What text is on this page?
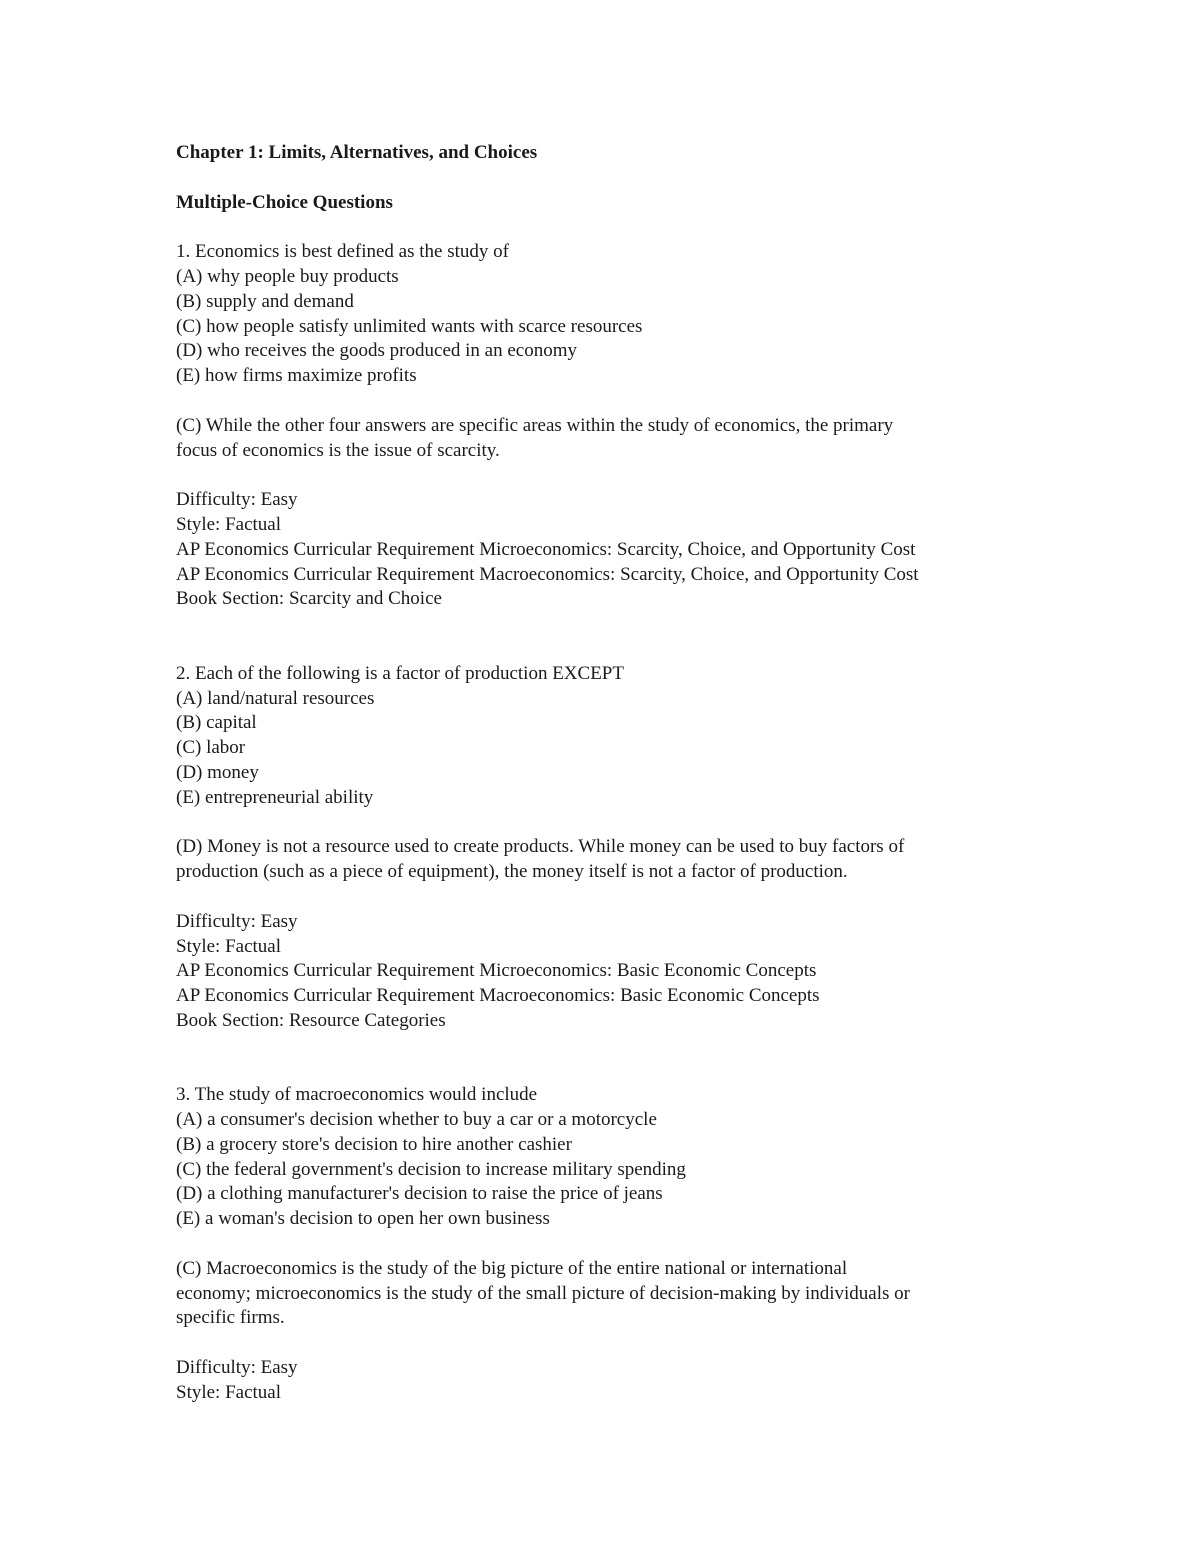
Chapter 1: Limits, Alternatives, and Choices
Multiple-Choice Questions
1. Economics is best defined as the study of
(A) why people buy products
(B) supply and demand
(C) how people satisfy unlimited wants with scarce resources
(D) who receives the goods produced in an economy
(E) how firms maximize profits
(C) While the other four answers are specific areas within the study of economics, the primary
focus of economics is the issue of scarcity.
Difficulty: Easy
Style: Factual
AP Economics Curricular Requirement Microeconomics: Scarcity, Choice, and Opportunity Cost
AP Economics Curricular Requirement Macroeconomics: Scarcity, Choice, and Opportunity Cost
Book Section: Scarcity and Choice
2. Each of the following is a factor of production EXCEPT
(A) land/natural resources
(B) capital
(C) labor
(D) money
(E) entrepreneurial ability
(D) Money is not a resource used to create products. While money can be used to buy factors of
production (such as a piece of equipment), the money itself is not a factor of production.
Difficulty: Easy
Style: Factual
AP Economics Curricular Requirement Microeconomics: Basic Economic Concepts
AP Economics Curricular Requirement Macroeconomics: Basic Economic Concepts
Book Section: Resource Categories
3. The study of macroeconomics would include
(A) a consumer's decision whether to buy a car or a motorcycle
(B) a grocery store's decision to hire another cashier
(C) the federal government's decision to increase military spending
(D) a clothing manufacturer's decision to raise the price of jeans
(E) a woman's decision to open her own business
(C) Macroeconomics is the study of the big picture of the entire national or international
economy; microeconomics is the study of the small picture of decision-making by individuals or
specific firms.
Difficulty: Easy
Style: Factual
